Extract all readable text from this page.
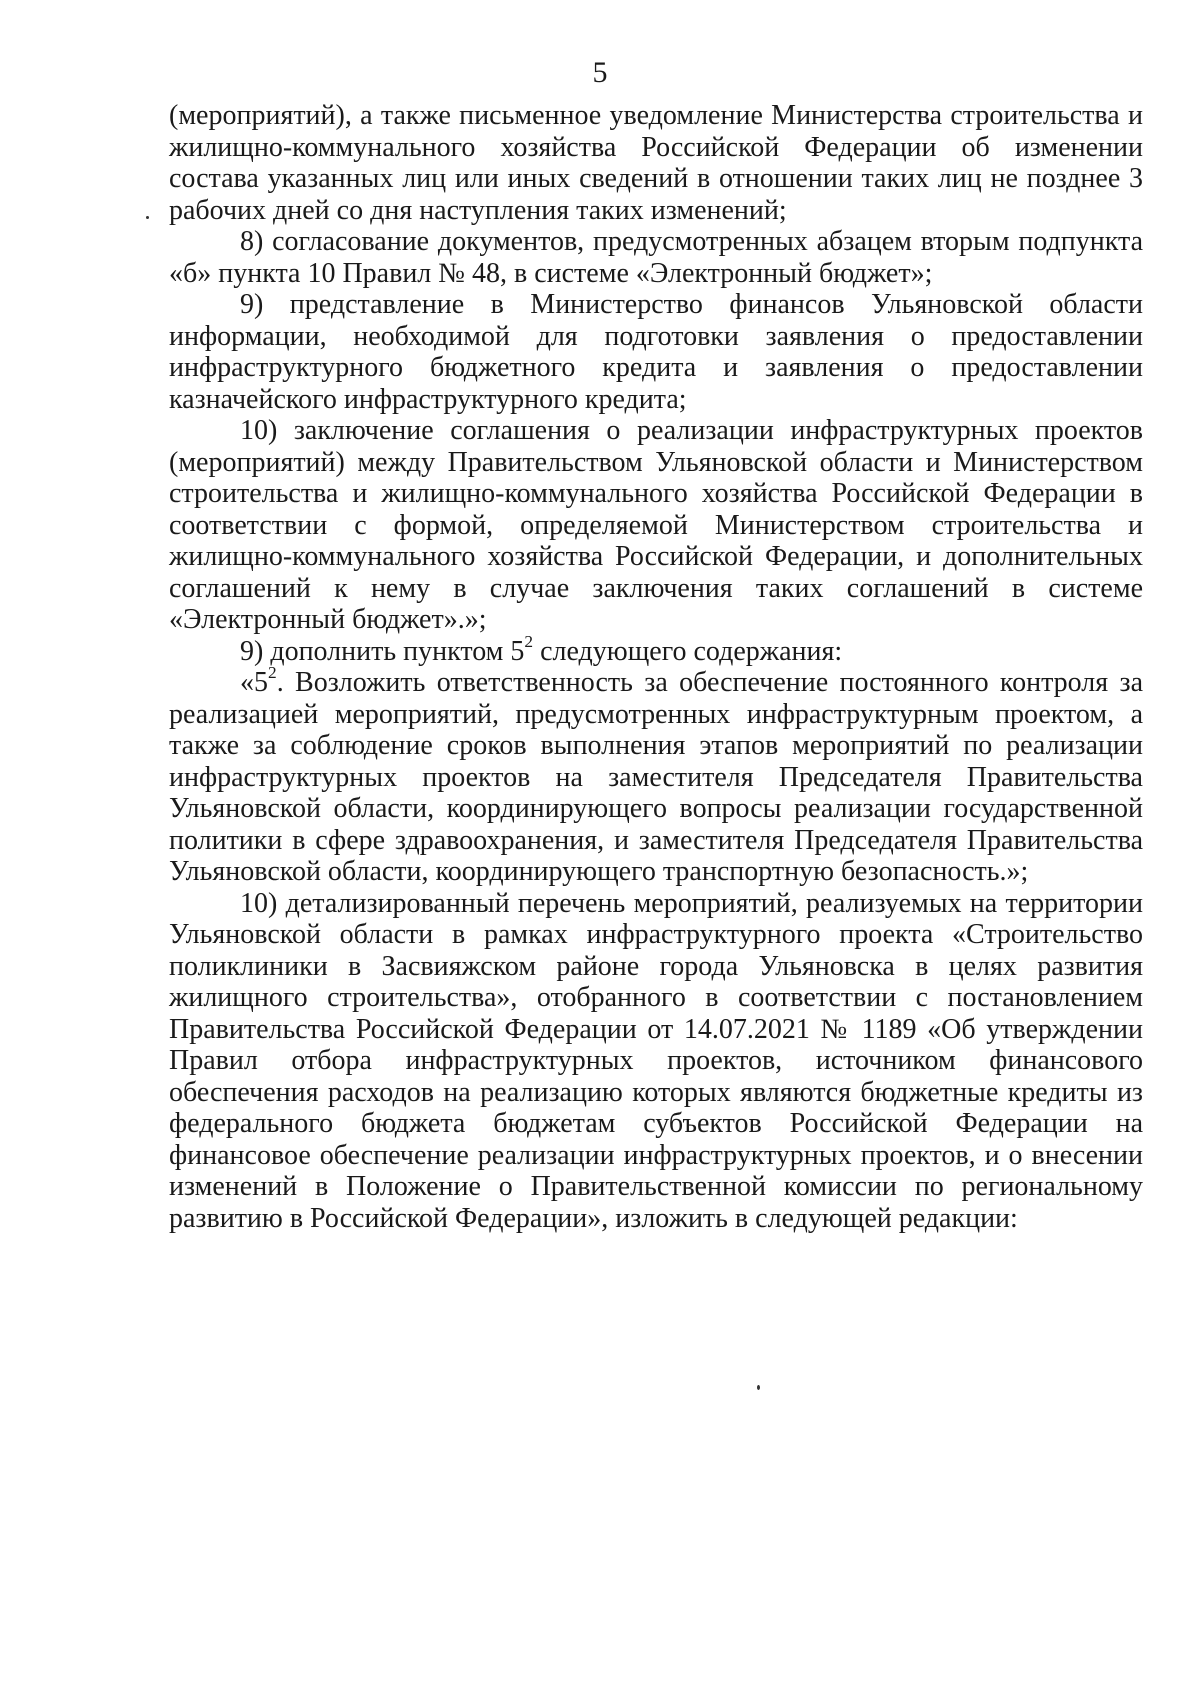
5

(мероприятий), а также письменное уведомление Министерства строительства и жилищно-коммунального хозяйства Российской Федерации об изменении состава указанных лиц или иных сведений в отношении таких лиц не позднее 3 рабочих дней со дня наступления таких изменений;

8) согласование документов, предусмотренных абзацем вторым подпункта «б» пункта 10 Правил № 48, в системе «Электронный бюджет»;

9) представление в Министерство финансов Ульяновской области информации, необходимой для подготовки заявления о предоставлении инфраструктурного бюджетного кредита и заявления о предоставлении казначейского инфраструктурного кредита;

10) заключение соглашения о реализации инфраструктурных проектов (мероприятий) между Правительством Ульяновской области и Министерством строительства и жилищно-коммунального хозяйства Российской Федерации в соответствии с формой, определяемой Министерством строительства и жилищно-коммунального хозяйства Российской Федерации, и дополнительных соглашений к нему в случае заключения таких соглашений в системе «Электронный бюджет».»;

9) дополнить пунктом $5^2$ следующего содержания:

«$5^2$. Возложить ответственность за обеспечение постоянного контроля за реализацией мероприятий, предусмотренных инфраструктурным проектом, а также за соблюдение сроков выполнения этапов мероприятий по реализации инфраструктурных проектов на заместителя Председателя Правительства Ульяновской области, координирующего вопросы реализации государственной политики в сфере здравоохранения, и заместителя Председателя Правительства Ульяновской области, координирующего транспортную безопасность.»;

10) детализированный перечень мероприятий, реализуемых на территории Ульяновской области в рамках инфраструктурного проекта «Строительство поликлиники в Засвияжском районе города Ульяновска в целях развития жилищного строительства», отобранного в соответствии с постановлением Правительства Российской Федерации от 14.07.2021 № 1189 «Об утверждении Правил отбора инфраструктурных проектов, источником финансового обеспечения расходов на реализацию которых являются бюджетные кредиты из федерального бюджета бюджетам субъектов Российской Федерации на финансовое обеспечение реализации инфраструктурных проектов, и о внесении изменений в Положение о Правительственной комиссии по региональному развитию в Российской Федерации», изложить в следующей редакции:
